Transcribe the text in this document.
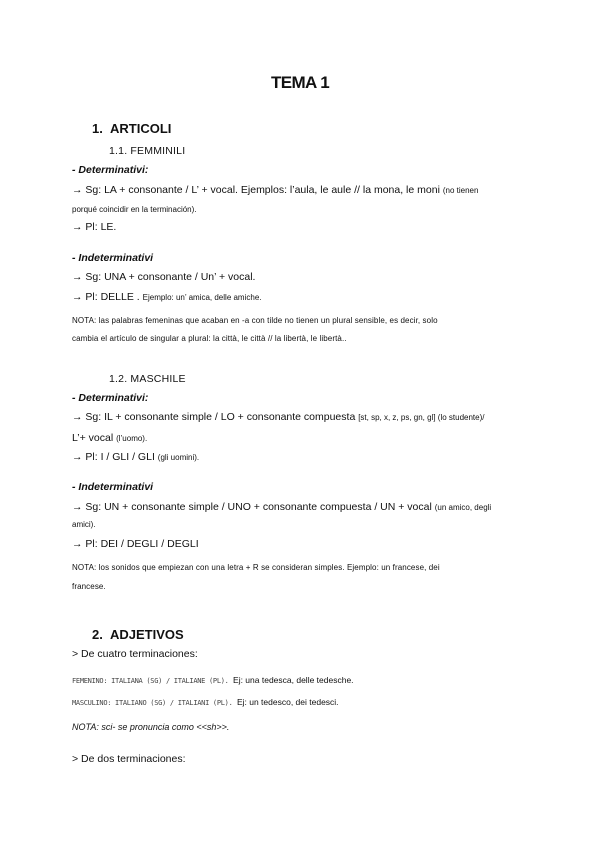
TEMA 1
1. ARTICOLI
1.1. FEMMINILI
- Determinativi:
→ Sg: LA + consonante / L’ + vocal. Ejemplos: l’aula, le aule // la mona, le moni (no tienen
porqué coincidir en la terminación).
→ Pl: LE.
- Indeterminativi
→ Sg: UNA + consonante / Un’ + vocal.
→ Pl: DELLE . Ejemplo: un’ amica, delle amiche.
NOTA: las palabras femeninas que acaban en -a con tilde no tienen un plural sensible, es decir, solo
cambia el artículo de singular a plural: la città, le città // la libertà, le libertà..
1.2. MASCHILE
- Determinativi:
→ Sg: IL + consonante simple / LO + consonante compuesta [st, sp, x, z, ps, gn, gl] (lo studente)/
L’+ vocal (l’uomo).
→ Pl: I / GLI / GLI (gli uomini).
- Indeterminativi
→ Sg: UN + consonante simple / UNO + consonante compuesta / UN + vocal (un amico, degli
amici).
→ Pl: DEI / DEGLI / DEGLI
NOTA: los sonidos que empiezan con una letra + R se consideran simples. Ejemplo: un francese, dei
francese.
2. ADJETIVOS
> De cuatro terminaciones:
FEMENINO: ITALIANA (SG) / ITALIANE (PL). Ej: una tedesca, delle tedesche.
MASCULINO: ITALIANO (SG) / ITALIANI (PL). Ej: un tedesco, dei tedesci.
NOTA: sci- se pronuncia como <<sh>>.
> De dos terminaciones:
